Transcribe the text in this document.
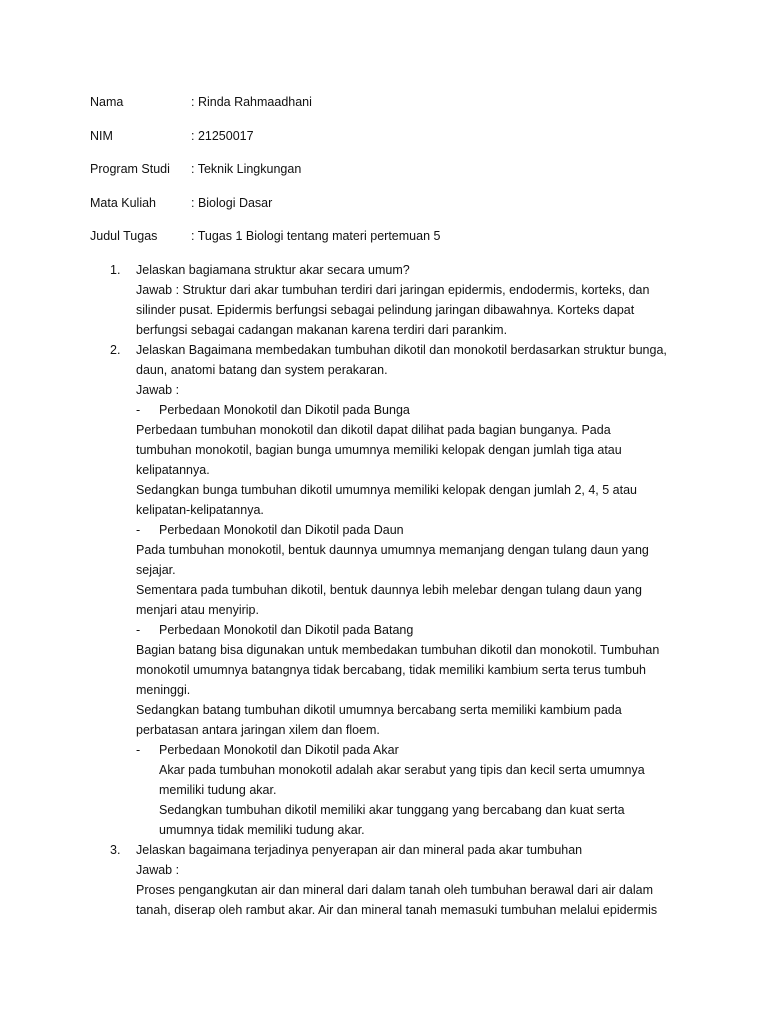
Nama	: Rinda Rahmaadhani
NIM	: 21250017
Program Studi	: Teknik Lingkungan
Mata Kuliah	: Biologi Dasar
Judul Tugas	: Tugas 1 Biologi tentang materi pertemuan 5
1. Jelaskan bagiamana struktur akar secara umum?
Jawab : Struktur dari akar tumbuhan terdiri dari jaringan epidermis, endodermis, korteks, dan
silinder pusat. Epidermis berfungsi sebagai pelindung jaringan dibawahnya. Korteks dapat
berfungsi sebagai cadangan makanan karena terdiri dari parankim.
2. Jelaskan Bagaimana membedakan tumbuhan dikotil dan monokotil berdasarkan struktur bunga,
daun, anatomi batang dan system perakaran.
Jawab :
-	Perbedaan Monokotil dan Dikotil pada Bunga
Perbedaan tumbuhan monokotil dan dikotil dapat dilihat pada bagian bunganya. Pada
tumbuhan monokotil, bagian bunga umumnya memiliki kelopak dengan jumlah tiga atau
kelipatannya.
Sedangkan bunga tumbuhan dikotil umumnya memiliki kelopak dengan jumlah 2, 4, 5 atau
kelipatan-kelipatannya.
-	Perbedaan Monokotil dan Dikotil pada Daun
Pada tumbuhan monokotil, bentuk daunnya umumnya memanjang dengan tulang daun yang
sejajar.
Sementara pada tumbuhan dikotil, bentuk daunnya lebih melebar dengan tulang daun yang
menjari atau menyirip.
-	Perbedaan Monokotil dan Dikotil pada Batang
Bagian batang bisa digunakan untuk membedakan tumbuhan dikotil dan monokotil. Tumbuhan
monokotil umumnya batangnya tidak bercabang, tidak memiliki kambium serta terus tumbuh
meninggi.
Sedangkan batang tumbuhan dikotil umumnya bercabang serta memiliki kambium pada
perbatasan antara jaringan xilem dan floem.
-	Perbedaan Monokotil dan Dikotil pada Akar
Akar pada tumbuhan monokotil adalah akar serabut yang tipis dan kecil serta umumnya
memiliki tudung akar.
Sedangkan tumbuhan dikotil memiliki akar tunggang yang bercabang dan kuat serta
umumnya tidak memiliki tudung akar.
3. Jelaskan bagaimana terjadinya penyerapan air dan mineral pada akar tumbuhan
Jawab :
Proses pengangkutan air dan mineral dari dalam tanah oleh tumbuhan berawal dari air dalam
tanah, diserap oleh rambut akar. Air dan mineral tanah memasuki tumbuhan melalui epidermis
